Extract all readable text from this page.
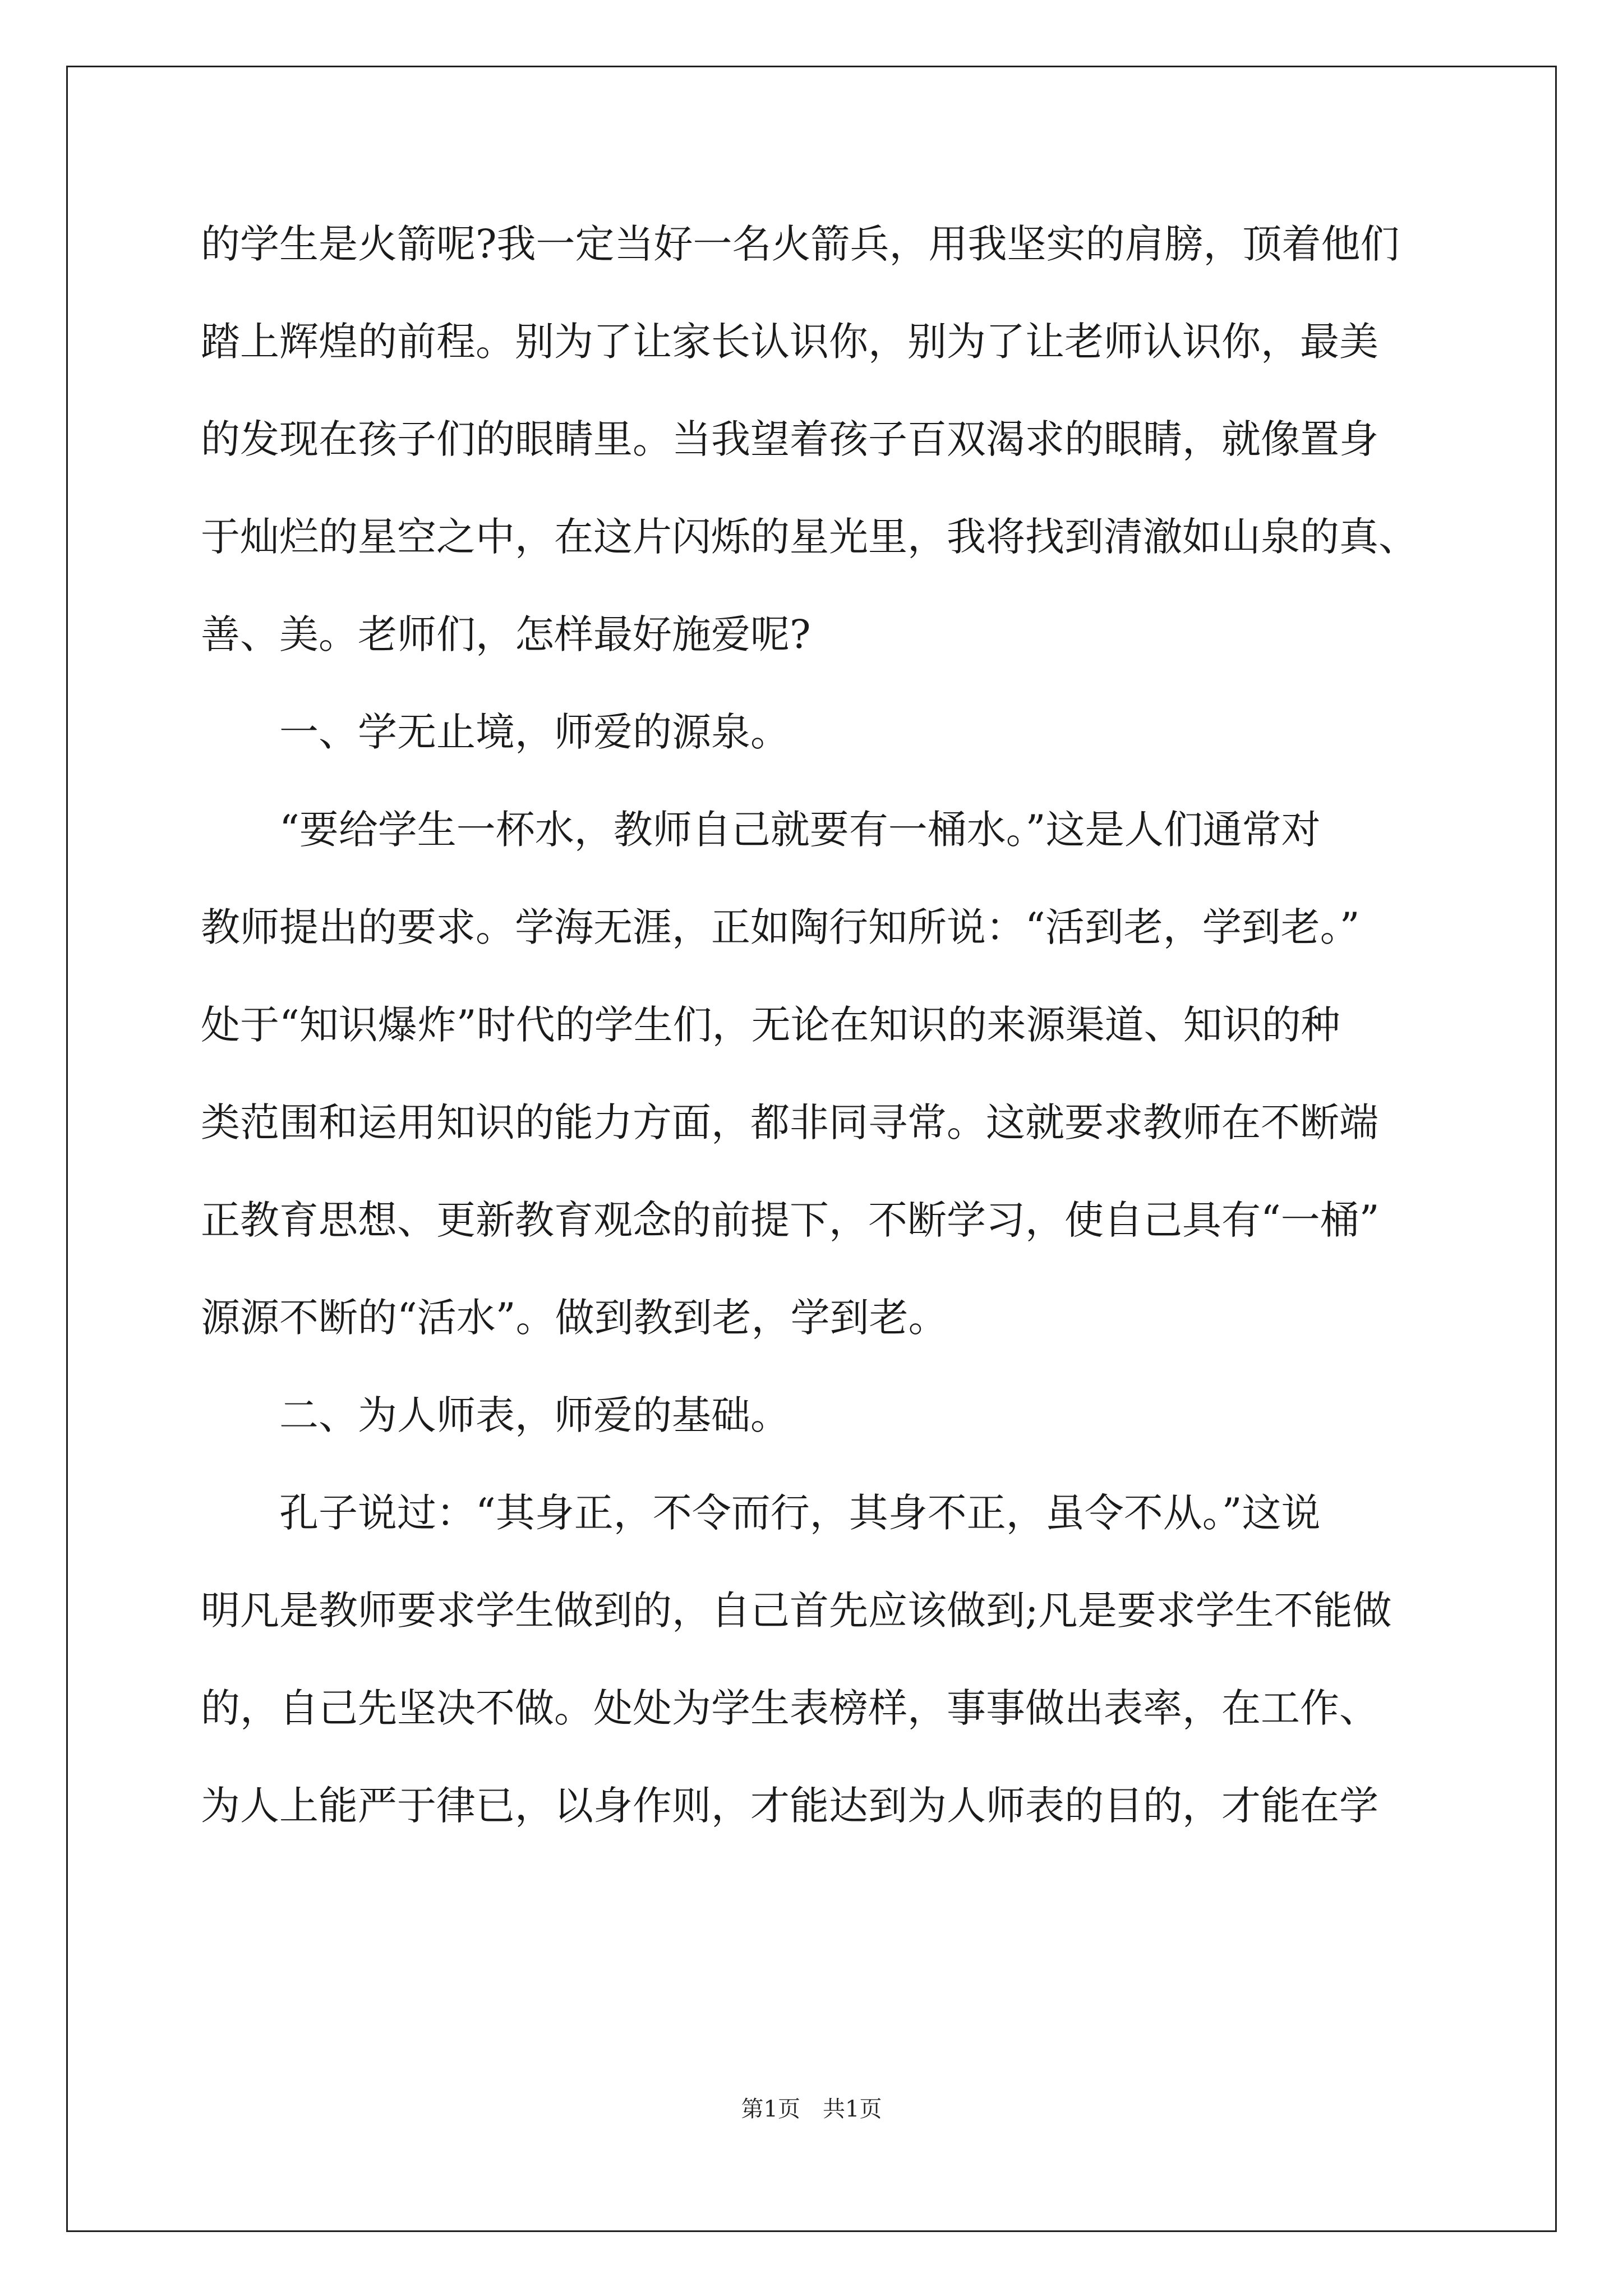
的学生是火箭呢?我一定当好一名火箭兵，用我坚实的肩膀，顶着他们
踏上辉煌的前程。别为了让家长认识你，别为了让老师认识你，最美
的发现在孩子们的眼睛里。当我望着孩子百双渴求的眼睛，就像置身
于灿烂的星空之中，在这片闪烁的星光里，我将找到清澈如山泉的真、
善、美。老师们，怎样最好施爱呢?
　　一、学无止境，师爱的源泉。
　　“要给学生一杯水，教师自己就要有一桶水。”这是人们通常对
教师提出的要求。学海无涯，正如陶行知所说：“活到老，学到老。”
处于“知识爆炸”时代的学生们，无论在知识的来源渠道、知识的种
类范围和运用知识的能力方面，都非同寻常。这就要求教师在不断端
正教育思想、更新教育观念的前提下，不断学习，使自己具有“一桶”
源源不断的“活水”。做到教到老，学到老。
　　二、为人师表，师爱的基础。
　　孔子说过：“其身正，不令而行，其身不正，虽令不从。”这说
明凡是教师要求学生做到的，自己首先应该做到;凡是要求学生不能做
的，自己先坚决不做。处处为学生表榜样，事事做出表率，在工作、
为人上能严于律已，以身作则，才能达到为人师表的目的，才能在学
第1页　共1页
